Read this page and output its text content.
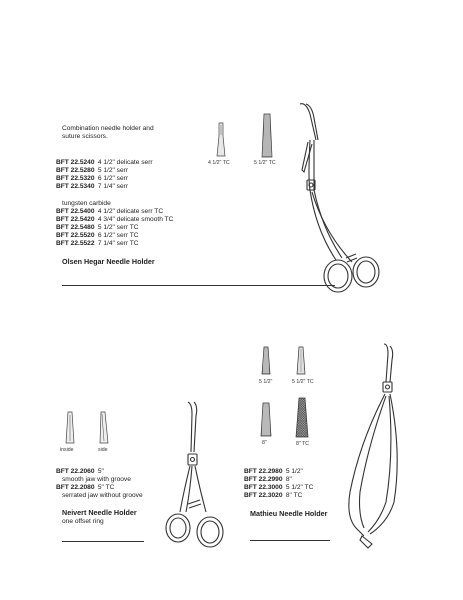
Combination needle holder and
suture scissors.
BFT 22.5240 4 1/2" delicate serr
BFT 22.5280 5 1/2" serr
BFT 22.5320 6 1/2" serr
BFT 22.5340 7 1/4" serr
tungsten carbide
BFT 22.5400 4 1/2" delicate serr TC
BFT 22.5420 4 3/4" delicate smooth TC
BFT 22.5480 5 1/2" serr TC
BFT 22.5520 6 1/2" serr TC
BFT 22.5522 7 1/4" serr TC
Olsen Hegar Needle Holder
4 1/2" TC	5 1/2" TC
inside	side
BFT 22.2060 5"
smooth jaw with groove
BFT 22.2080 5" TC
serrated jaw without groove
Neivert Needle Holder
one offset ring
5 1/2"	5 1/2" TC
8"	8" TC
BFT 22.2980 5 1/2"
BFT 22.2990 8"
BFT 22.3000 5 1/2" TC
BFT 22.3020 8" TC
Mathieu Needle Holder
